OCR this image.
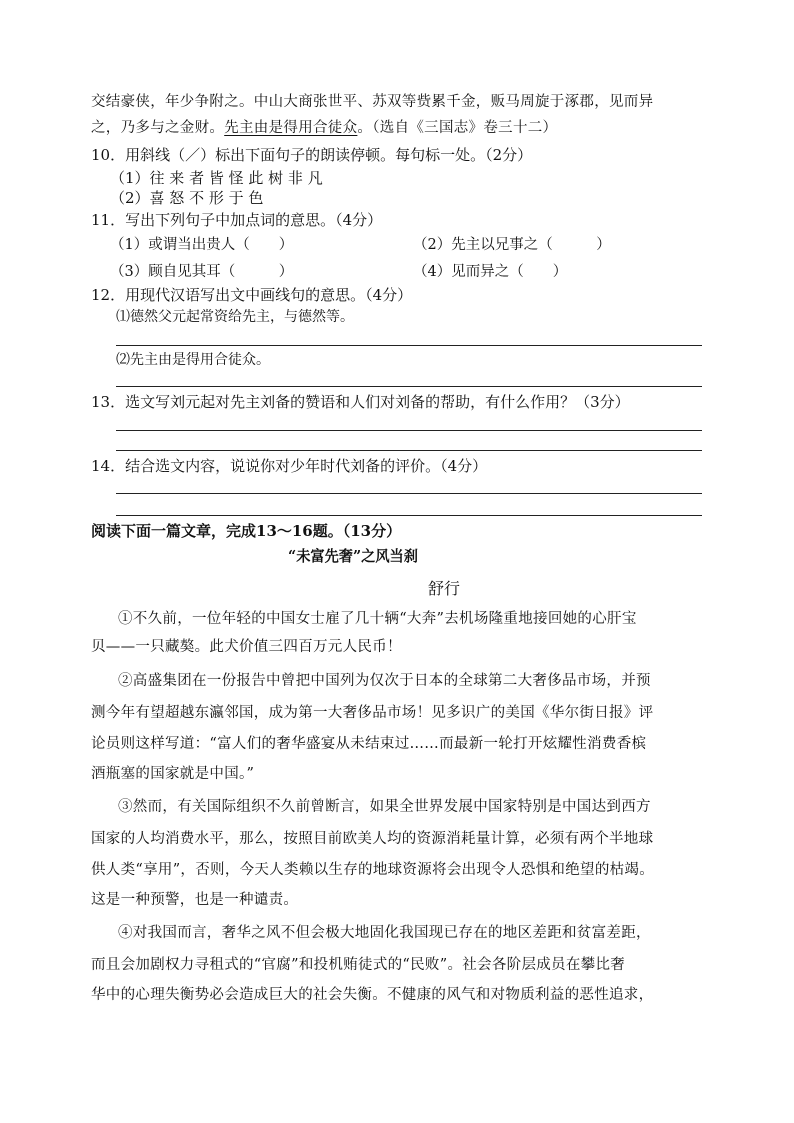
交结豪侠，年少争附之。中山大商张世平、苏双等赀累千金，贩马周旋于涿郡，见而异
之，乃多与之金财。先主由是得用合徒众。（选自《三国志》卷三十二）
10．用斜线（／）标出下面句子的朗读停顿。每句标一处。（2分）
（1）往 来 者 皆 怪 此 树 非 凡
（2）喜 怒 不 形 于 色
11．写出下列句子中加点词的意思。（4分）
（1）或谓当出贵人（　　）	（2）先主以兄事之（　　　）
（3）顾自见其耳（　　　）	（4）见而异之（　　）
12．用现代汉语写出文中画线句的意思。（4分）
⑴德然父元起常资给先主，与德然等。
⑵先主由是得用合徒众。
13．选文写刘元起对先主刘备的赞语和人们对刘备的帮助，有什么作用？（3分）
14．结合选文内容，说说你对少年时代刘备的评价。（4分）
阅读下面一篇文章，完成13～16题。（13分）
“未富先奢”之风当刹
舒行
①不久前，一位年轻的中国女士雇了几十辆“大奔”去机场隆重地接回她的心肝宝
贝——一只藏獒。此犬价值三四百万元人民币！
②高盛集团在一份报告中曾把中国列为仅次于日本的全球第二大奢侈品市场，并预
测今年有望超越东瀛邻国，成为第一大奢侈品市场！见多识广的美国《华尔街日报》评
论员则这样写道：“富人们的奢华盛宴从未结束过……而最新一轮打开炫耀性消费香槟
酒瓶塞的国家就是中国。”
③然而，有关国际组织不久前曾断言，如果全世界发展中国家特别是中国达到西方
国家的人均消费水平，那么，按照目前欧美人均的资源消耗量计算，必须有两个半地球
供人类“享用”，否则，今天人类赖以生存的地球资源将会出现令人恐惧和绝望的枯竭。
这是一种预警，也是一种谴责。
④对我国而言，奢华之风不但会极大地固化我国现已存在的地区差距和贫富差距，
而且会加剧权力寻租式的“官腐”和投机贿徒式的“民败”。社会各阶层成员在攀比奢
华中的心理失衡势必会造成巨大的社会失衡。不健康的风气和对物质利益的恶性追求，
